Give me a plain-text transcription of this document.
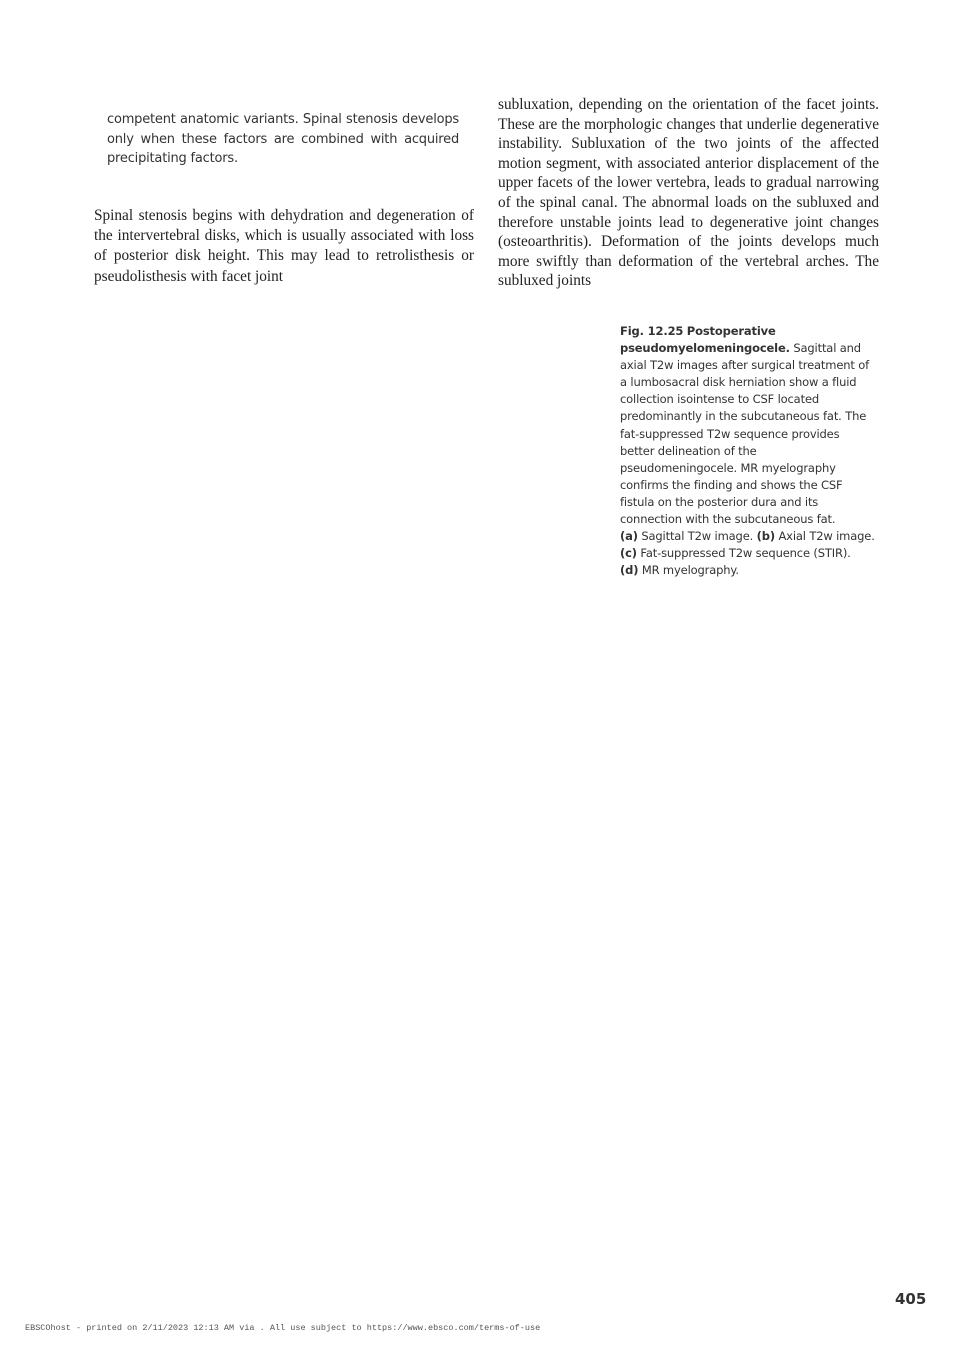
competent anatomic variants. Spinal stenosis develops only when these factors are combined with acquired precipitating factors.

Spinal stenosis begins with dehydration and degeneration of the intervertebral disks, which is usually associated with loss of posterior disk height. This may lead to retrolisthesis or pseudolisthesis with facet joint

subluxation, depending on the orientation of the facet joints. These are the morphologic changes that underlie degenerative instability. Subluxation of the two joints of the affected motion segment, with associated anterior displacement of the upper facets of the lower vertebra, leads to gradual narrowing of the spinal canal. The abnormal loads on the subluxed and therefore unstable joints lead to degenerative joint changes (osteoarthritis). Deformation of the joints develops much more swiftly than deformation of the vertebral arches. The subluxed joints

Fig. 12.25 Postoperative pseudomyelomeningocele. Sagittal and axial T2w images after surgical treatment of a lumbosacral disk herniation show a fluid collection isointense to CSF located predominantly in the subcutaneous fat. The fat-suppressed T2w sequence provides better delineation of the pseudomeningocele. MR myelography confirms the finding and shows the CSF fistula on the posterior dura and its connection with the subcutaneous fat.
(a) Sagittal T2w image. (b) Axial T2w image.
(c) Fat-suppressed T2w sequence (STIR).
(d) MR myelography.
405
EBSCOhost - printed on 2/11/2023 12:13 AM via . All use subject to https://www.ebsco.com/terms-of-use
